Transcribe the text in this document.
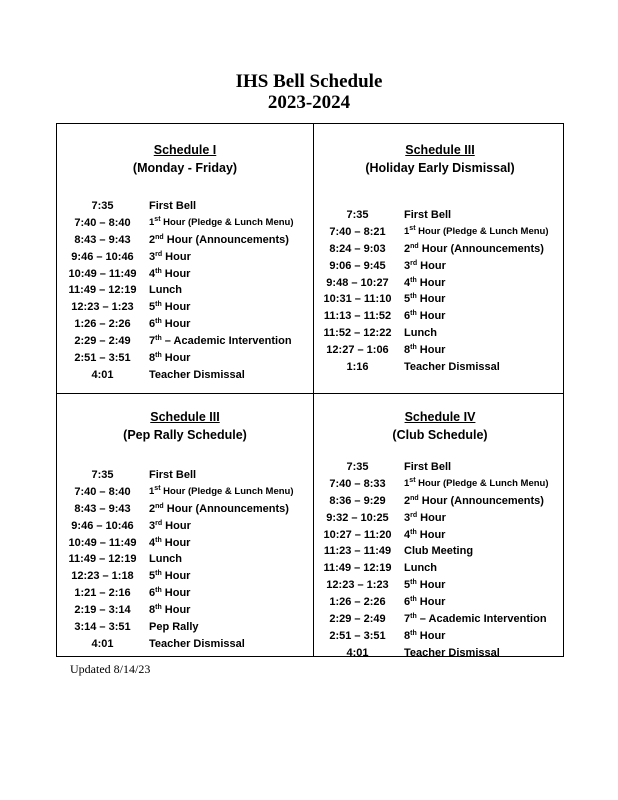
IHS Bell Schedule
2023-2024
Schedule I
(Monday - Friday)
7:35	First Bell
7:40 – 8:40	1st Hour (Pledge & Lunch Menu)
8:43 – 9:43	2nd Hour (Announcements)
9:46 – 10:46	3rd Hour
10:49 – 11:49	4th Hour
11:49 – 12:19	Lunch
12:23 – 1:23	5th Hour
1:26 – 2:26	6th Hour
2:29 – 2:49	7th – Academic Intervention
2:51 – 3:51	8th Hour
4:01	Teacher Dismissal
Schedule III
(Holiday Early Dismissal)
7:35	First Bell
7:40 – 8:21	1st Hour (Pledge & Lunch Menu)
8:24 – 9:03	2nd Hour (Announcements)
9:06 – 9:45	3rd Hour
9:48 – 10:27	4th Hour
10:31 – 11:10	5th Hour
11:13 – 11:52	6th Hour
11:52 – 12:22	Lunch
12:27 – 1:06	8th Hour
1:16	Teacher Dismissal
Schedule III
(Pep Rally Schedule)
7:35	First Bell
7:40 – 8:40	1st Hour (Pledge & Lunch Menu)
8:43 – 9:43	2nd Hour (Announcements)
9:46 – 10:46	3rd Hour
10:49 – 11:49	4th Hour
11:49 – 12:19	Lunch
12:23 – 1:18	5th Hour
1:21 – 2:16	6th Hour
2:19 – 3:14	8th Hour
3:14 – 3:51	Pep Rally
4:01	Teacher Dismissal
Schedule IV
(Club Schedule)
7:35	First Bell
7:40 – 8:33	1st Hour (Pledge & Lunch Menu)
8:36 – 9:29	2nd Hour (Announcements)
9:32 – 10:25	3rd Hour
10:27 – 11:20	4th Hour
11:23 – 11:49	Club Meeting
11:49 – 12:19	Lunch
12:23 – 1:23	5th Hour
1:26 – 2:26	6th Hour
2:29 – 2:49	7th – Academic Intervention
2:51 – 3:51	8th Hour
4:01	Teacher Dismissal
Updated 8/14/23
